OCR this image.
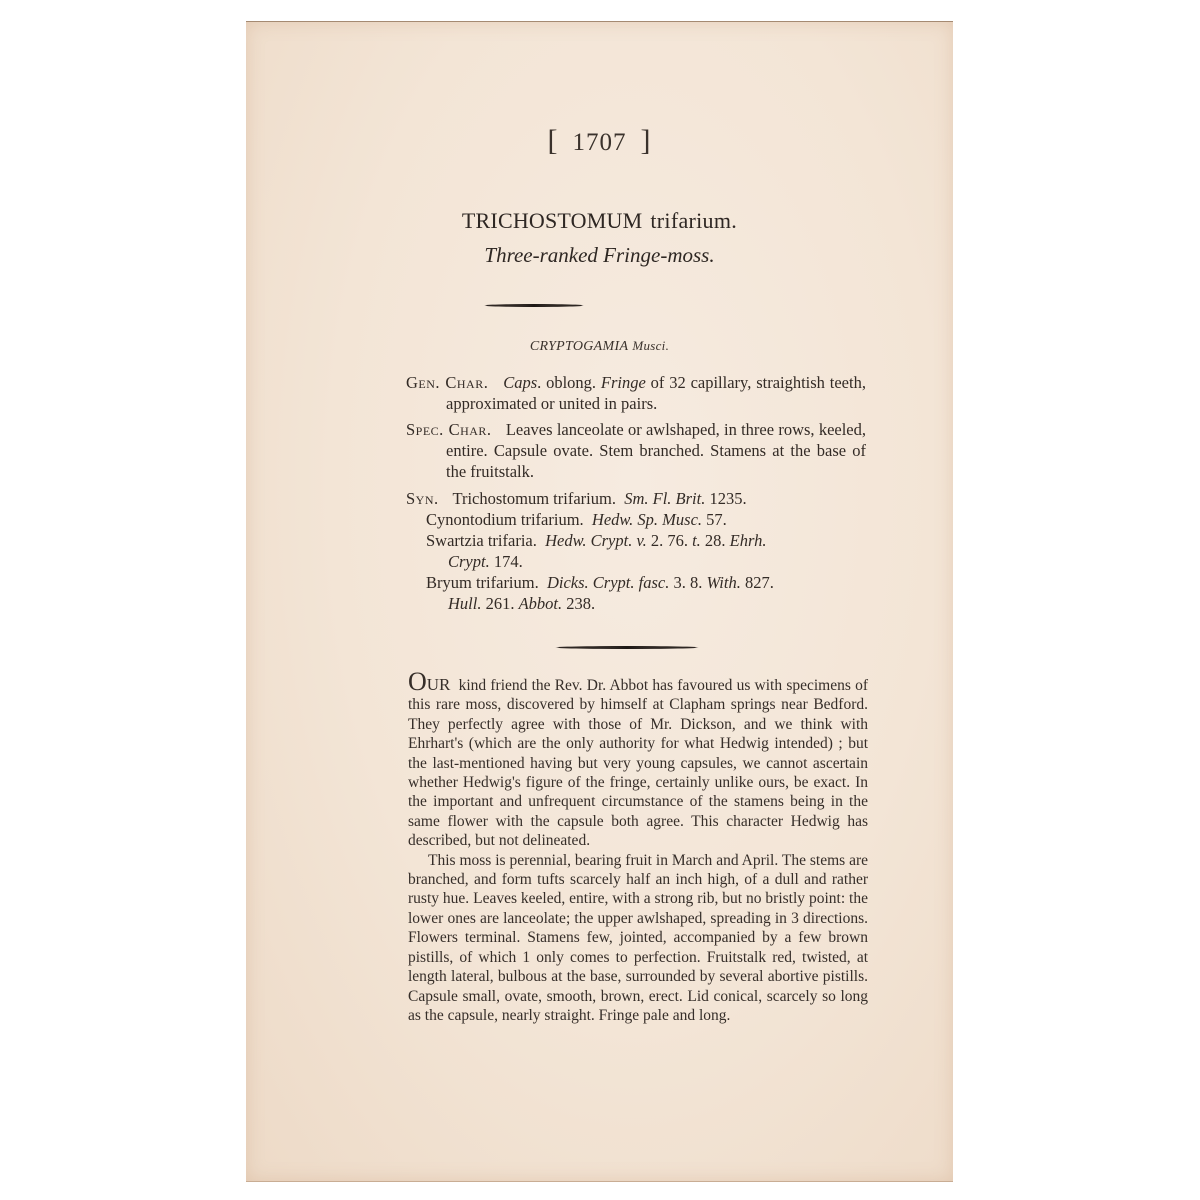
[ 1707 ]
TRICHOSTOMUM trifarium.
Three-ranked Fringe-moss.
CRYPTOGAMIA Musci.
Gen. Char. Caps. oblong. Fringe of 32 capillary, straightish teeth, approximated or united in pairs.
Spec. Char. Leaves lanceolate or awlshaped, in three rows, keeled, entire. Capsule ovate. Stem branched. Stamens at the base of the fruitstalk.
Syn. Trichostomum trifarium. Sm. Fl. Brit. 1235.
Cynontodium trifarium. Hedw. Sp. Musc. 57.
Swartzia trifaria. Hedw. Crypt. v. 2. 76. t. 28. Ehrh.
Crypt. 174.
Bryum trifarium. Dicks. Crypt. fasc. 3. 8. With. 827.
Hull. 261. Abbot. 238.

OUR kind friend the Rev. Dr. Abbot has favoured us with specimens of this rare moss, discovered by himself at Clapham springs near Bedford. They perfectly agree with those of Mr. Dickson, and we think with Ehrhart's (which are the only authority for what Hedwig intended) ; but the last-mentioned having but very young capsules, we cannot ascertain whether Hedwig's figure of the fringe, certainly unlike ours, be exact. In the important and unfrequent circumstance of the stamens being in the same flower with the capsule both agree. This character Hedwig has described, but not delineated.

This moss is perennial, bearing fruit in March and April. The stems are branched, and form tufts scarcely half an inch high, of a dull and rather rusty hue. Leaves keeled, entire, with a strong rib, but no bristly point: the lower ones are lanceolate; the upper awlshaped, spreading in 3 directions. Flowers terminal. Stamens few, jointed, accompanied by a few brown pistills, of which 1 only comes to perfection. Fruitstalk red, twisted, at length lateral, bulbous at the base, surrounded by several abortive pistills. Capsule small, ovate, smooth, brown, erect. Lid conical, scarcely so long as the capsule, nearly straight. Fringe pale and long.
